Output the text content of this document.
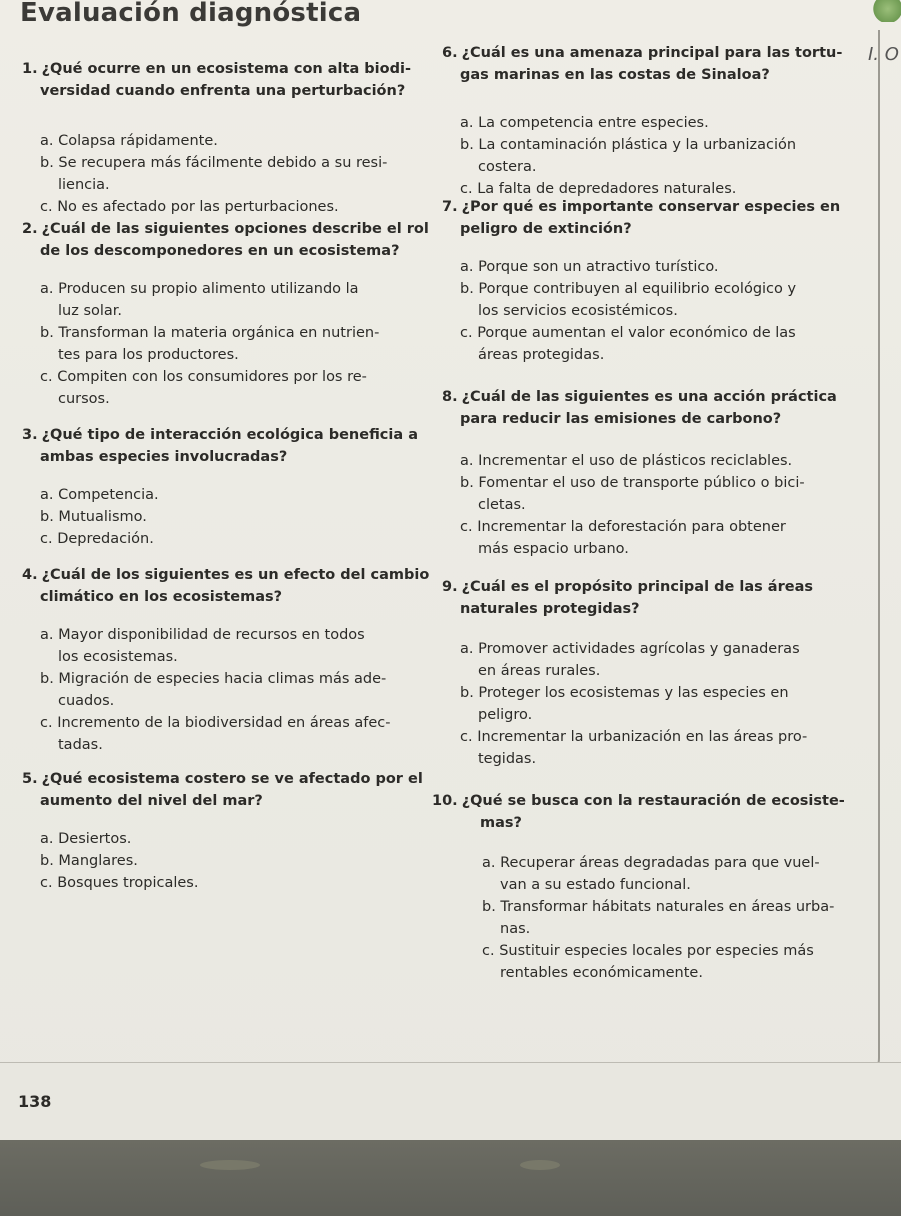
Evaluación diagnóstica
I. O
1. ¿Qué ocurre en un ecosistema con alta biodi-
versidad cuando enfrenta una perturbación?
a. Colapsa rápidamente.
b. Se recupera más fácilmente debido a su resi-
liencia.
c. No es afectado por las perturbaciones.
2. ¿Cuál de las siguientes opciones describe el rol
de los descomponedores en un ecosistema?
a. Producen su propio alimento utilizando la
luz solar.
b. Transforman la materia orgánica en nutrien-
tes para los productores.
c. Compiten con los consumidores por los re-
cursos.
3. ¿Qué tipo de interacción ecológica beneficia a
ambas especies involucradas?
a. Competencia.
b. Mutualismo.
c. Depredación.
4. ¿Cuál de los siguientes es un efecto del cambio
climático en los ecosistemas?
a. Mayor disponibilidad de recursos en todos
los ecosistemas.
b. Migración de especies hacia climas más ade-
cuados.
c. Incremento de la biodiversidad en áreas afec-
tadas.
5. ¿Qué ecosistema costero se ve afectado por el
aumento del nivel del mar?
a. Desiertos.
b. Manglares.
c. Bosques tropicales.
6. ¿Cuál es una amenaza principal para las tortu-
gas marinas en las costas de Sinaloa?
a. La competencia entre especies.
b. La contaminación plástica y la urbanización
costera.
c. La falta de depredadores naturales.
7. ¿Por qué es importante conservar especies en
peligro de extinción?
a. Porque son un atractivo turístico.
b. Porque contribuyen al equilibrio ecológico y
los servicios ecosistémicos.
c. Porque aumentan el valor económico de las
áreas protegidas.
8. ¿Cuál de las siguientes es una acción práctica
para reducir las emisiones de carbono?
a. Incrementar el uso de plásticos reciclables.
b. Fomentar el uso de transporte público o bici-
cletas.
c. Incrementar la deforestación para obtener
más espacio urbano.
9. ¿Cuál es el propósito principal de las áreas
naturales protegidas?
a. Promover actividades agrícolas y ganaderas
en áreas rurales.
b. Proteger los ecosistemas y las especies en
peligro.
c. Incrementar la urbanización en las áreas pro-
tegidas.
10. ¿Qué se busca con la restauración de ecosiste-
mas?
a. Recuperar áreas degradadas para que vuel-
van a su estado funcional.
b. Transformar hábitats naturales en áreas urba-
nas.
c. Sustituir especies locales por especies más
rentables económicamente.
138
